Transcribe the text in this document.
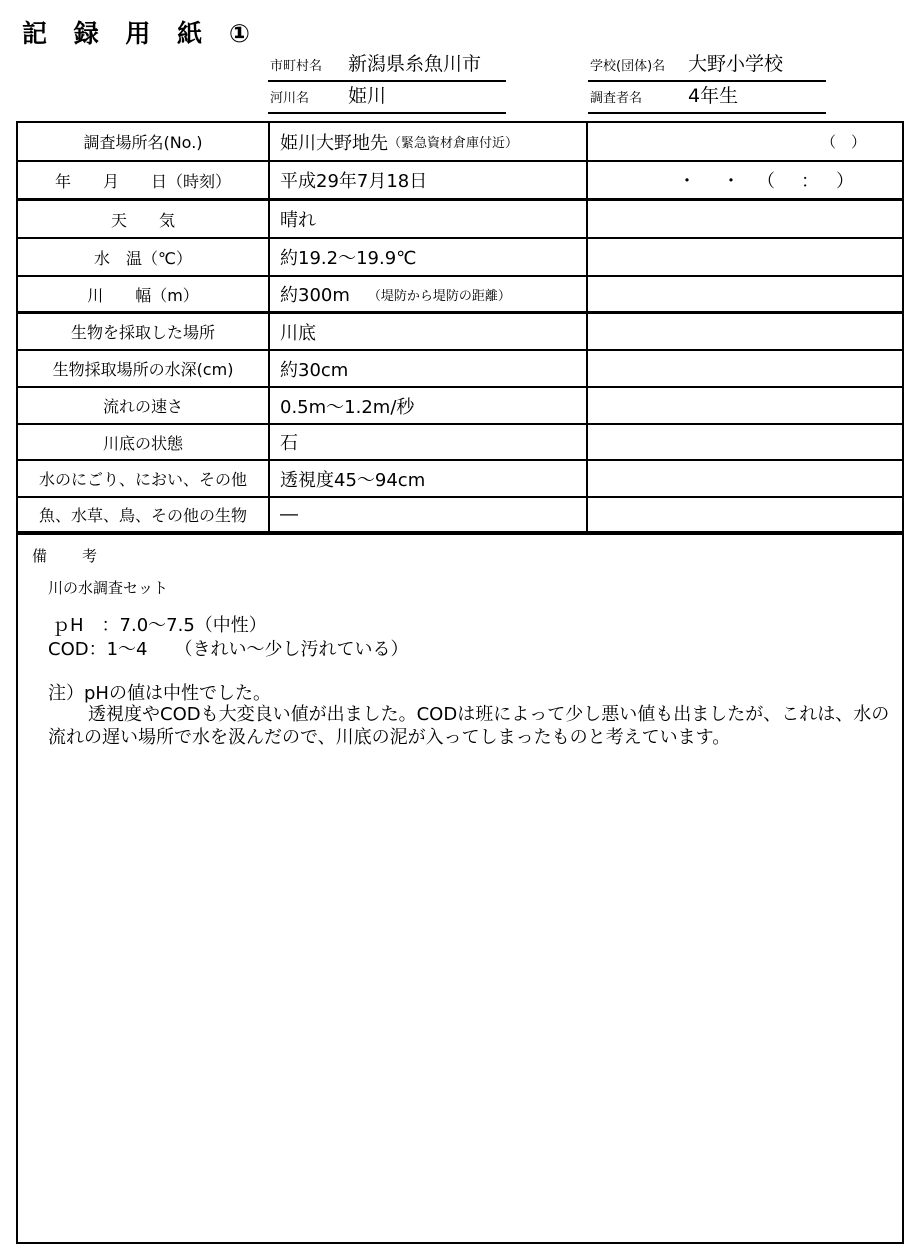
記 録 用 紙 ①
市町村名 新潟県糸魚川市	学校(団体)名 大野小学校
河川名 姫川	調査者名 4年生
調査場所名(No.)	姫川大野地先 （緊急資材倉庫付近）	（　）
年　　月　　日（時刻）	平成29年7月18日	・　・　（　：　）
天　　気	晴れ
水　温（℃）	約19.2～19.9℃
川　　幅（m）	約300m	（堤防から堤防の距離）
生物を採取した場所	川底
生物採取場所の水深(cm)	約30cm
流れの速さ	0.5m～1.2m/秒
川底の状態	石
水のにごり、におい、その他	透視度45～94cm
魚、水草、鳥、その他の生物	―
備　考
川の水調査セット
ｐH　：7.0～7.5（中性）
COD：1～4　　（きれい～少し汚れている）
注）pHの値は中性でした。
透視度やCODも大変良い値が出ました。CODは班によって少し悪い値も出ましたが、これは、水の流れの遅い場所で水を汲んだので、川底の泥が入ってしまったものと考えています。
